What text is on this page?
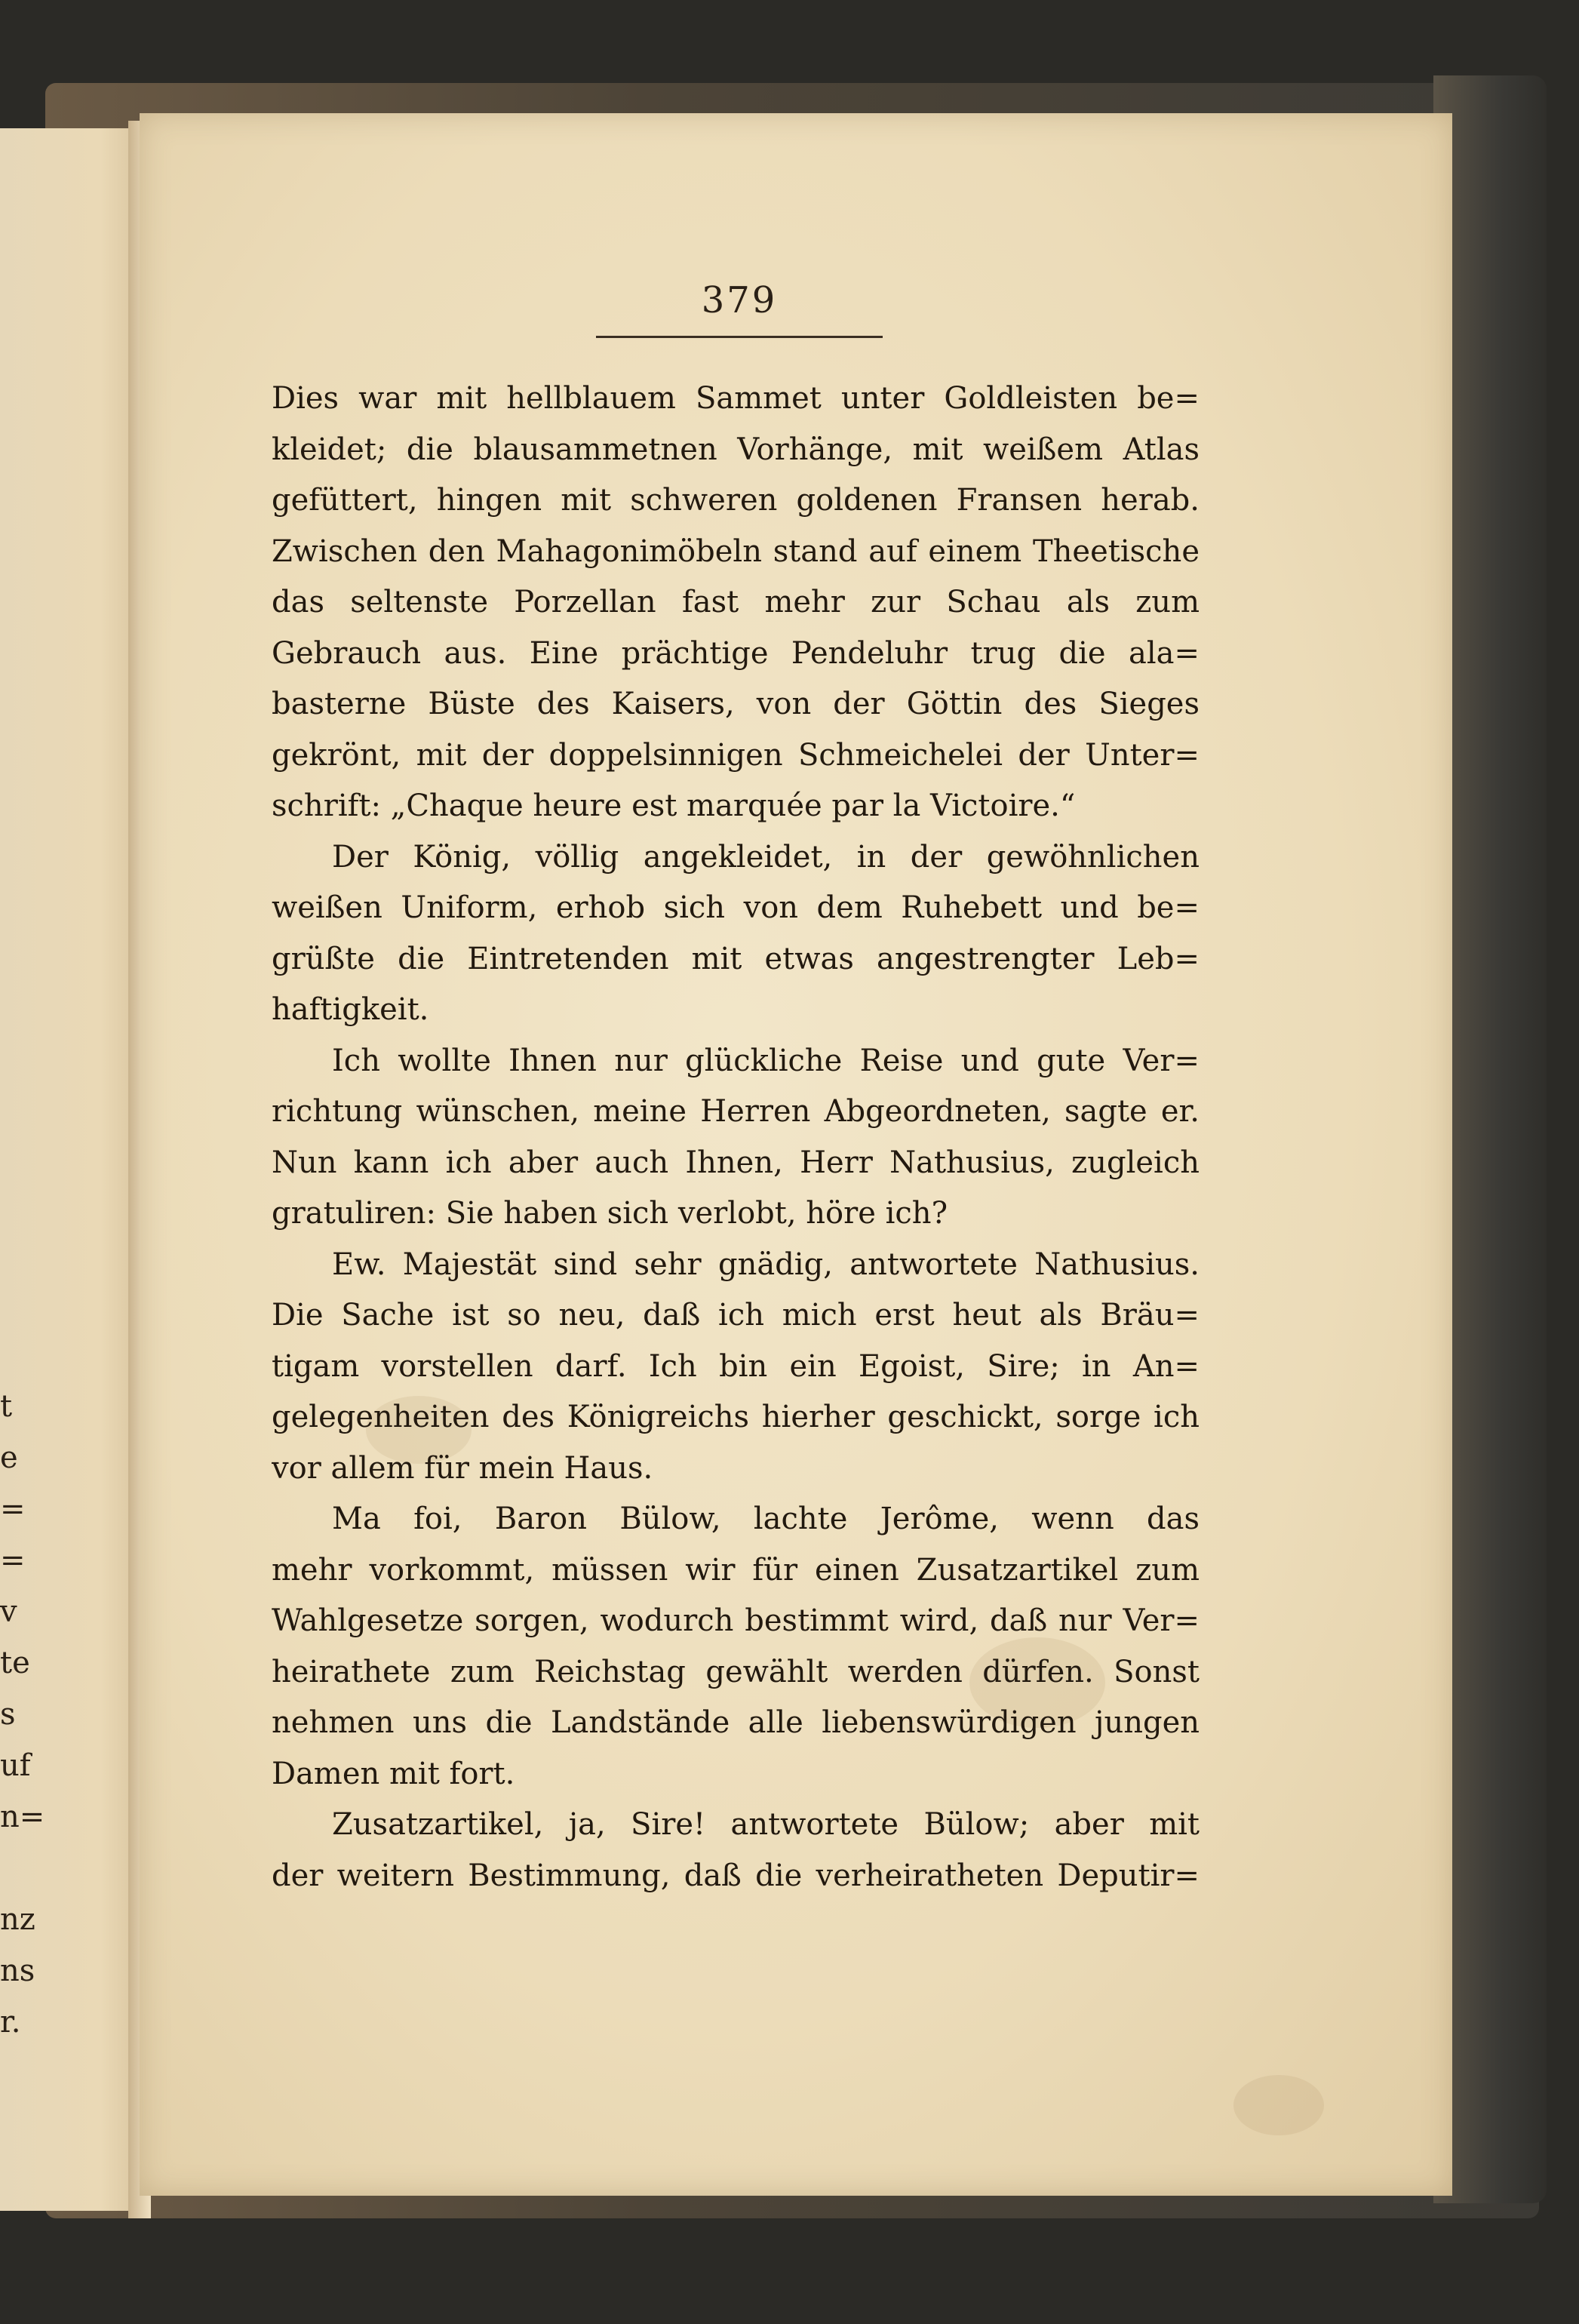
t
e
=
=
v
te
s
uf
n=
nz
ns
r.
379
Dies war mit hellblauem Sammet unter Goldleisten be=
kleidet; die blausammetnen Vorhänge, mit weißem Atlas
gefüttert, hingen mit schweren goldenen Fransen herab.
Zwischen den Mahagonimöbeln stand auf einem Theetische
das seltenste Porzellan fast mehr zur Schau als zum
Gebrauch aus. Eine prächtige Pendeluhr trug die ala=
basterne Büste des Kaisers, von der Göttin des Sieges
gekrönt, mit der doppelsinnigen Schmeichelei der Unter=
schrift: „Chaque heure est marquée par la Victoire.“
Der König, völlig angekleidet, in der gewöhnlichen
weißen Uniform, erhob sich von dem Ruhebett und be=
grüßte die Eintretenden mit etwas angestrengter Leb=
haftigkeit.
Ich wollte Ihnen nur glückliche Reise und gute Ver=
richtung wünschen, meine Herren Abgeordneten, sagte er.
Nun kann ich aber auch Ihnen, Herr Nathusius, zugleich
gratuliren: Sie haben sich verlobt, höre ich?
Ew. Majestät sind sehr gnädig, antwortete Nathusius.
Die Sache ist so neu, daß ich mich erst heut als Bräu=
tigam vorstellen darf. Ich bin ein Egoist, Sire; in An=
gelegenheiten des Königreichs hierher geschickt, sorge ich
vor allem für mein Haus.
Ma foi, Baron Bülow, lachte Jerôme, wenn das
mehr vorkommt, müssen wir für einen Zusatzartikel zum
Wahlgesetze sorgen, wodurch bestimmt wird, daß nur Ver=
heirathete zum Reichstag gewählt werden dürfen. Sonst
nehmen uns die Landstände alle liebenswürdigen jungen
Damen mit fort.
Zusatzartikel, ja, Sire! antwortete Bülow; aber mit
der weitern Bestimmung, daß die verheiratheten Deputir=
